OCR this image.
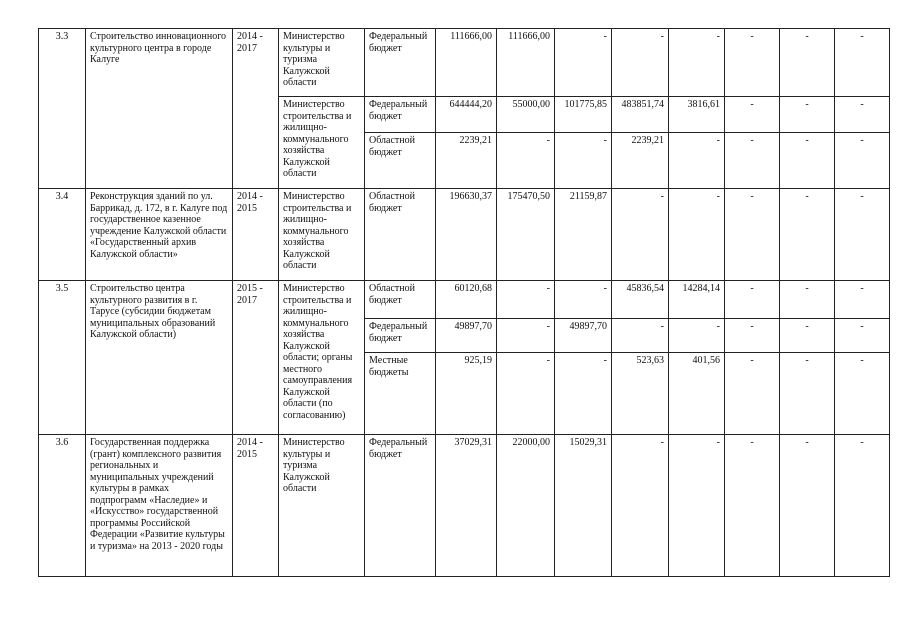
3.3	Строительство инновационного культурного центра в городе Калуге	2014 - 2017	Министерство культуры и туризма Калужской области	Федеральный бюджет	111666,00	111666,00	-	-	-	-	-	-
			Министерство строительства и жилищно-коммунального хозяйства Калужской области	Федеральный бюджет	644444,20	55000,00	101775,85	483851,74	3816,61	-	-	-
				Областной бюджет	2239,21	-	-	2239,21	-	-	-	-
3.4	Реконструкция зданий по ул. Баррикад, д. 172, в г. Калуге под государственное казенное учреждение Калужской области «Государственный архив Калужской области»	2014 - 2015	Министерство строительства и жилищно-коммунального хозяйства Калужской области	Областной бюджет	196630,37	175470,50	21159,87	-	-	-	-	-
3.5	Строительство центра культурного развития в г. Тарусе (субсидии бюджетам муниципальных образований Калужской области)	2015 - 2017	Министерство строительства и жилищно-коммунального хозяйства Калужской области; органы местного самоуправления Калужской области (по согласованию)	Областной бюджет	60120,68	-	-	45836,54	14284,14	-	-	-
				Федеральный бюджет	49897,70	-	49897,70	-	-	-	-	-
				Местные бюджеты	925,19	-	-	523,63	401,56	-	-	-
3.6	Государственная поддержка (грант) комплексного развития региональных и муниципальных учреждений культуры в рамках подпрограмм «Наследие» и «Искусство» государственной программы Российской Федерации «Развитие культуры и туризма» на 2013 - 2020 годы	2014 - 2015	Министерство культуры и туризма Калужской области	Федеральный бюджет	37029,31	22000,00	15029,31	-	-	-	-	-
